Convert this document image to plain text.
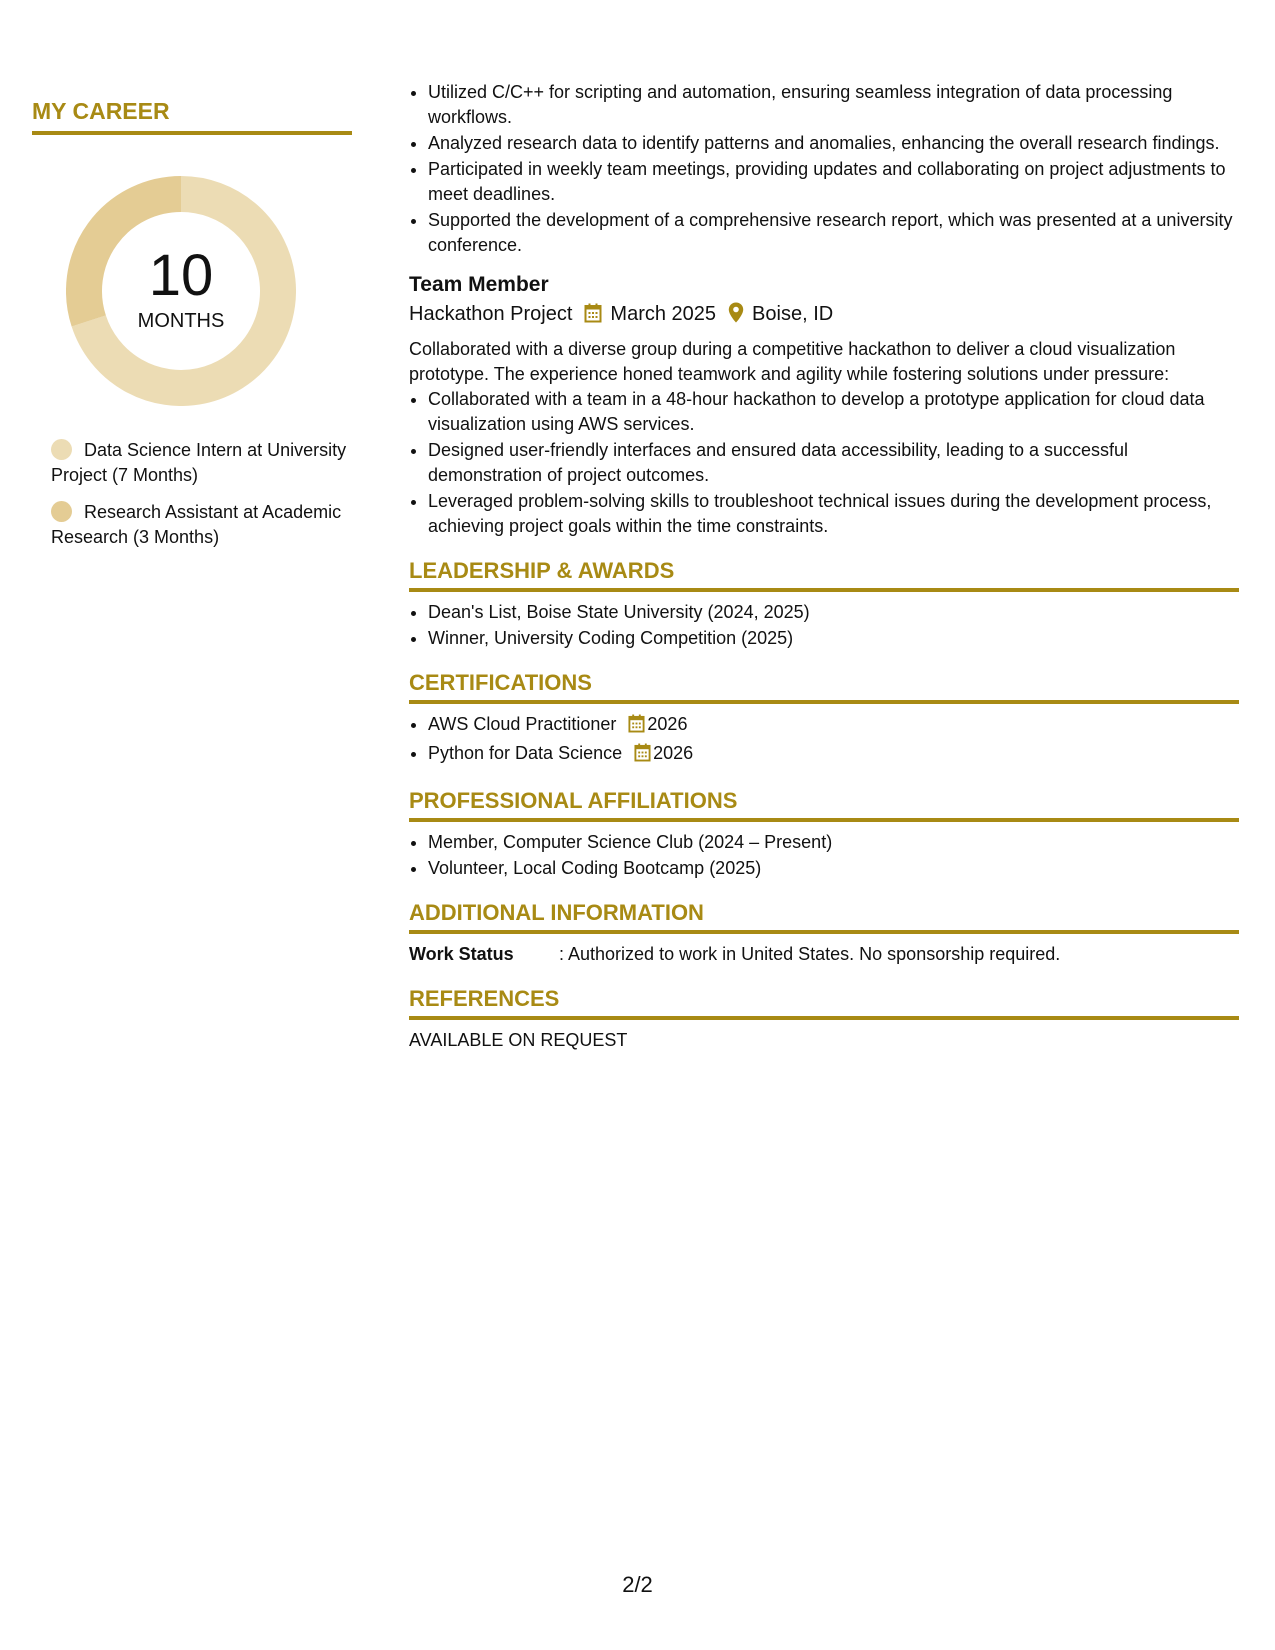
MY CAREER
10
MONTHS
Data Science Intern at University Project (7 Months)
Research Assistant at Academic Research (3 Months)
• Utilized C/C++ for scripting and automation, ensuring seamless integration of data processing workflows.
• Analyzed research data to identify patterns and anomalies, enhancing the overall research findings.
• Participated in weekly team meetings, providing updates and collaborating on project adjustments to meet deadlines.
• Supported the development of a comprehensive research report, which was presented at a university conference.
Team Member
Hackathon Project March 2025 Boise, ID

Collaborated with a diverse group during a competitive hackathon to deliver a cloud visualization prototype. The experience honed teamwork and agility while fostering solutions under pressure:

• Collaborated with a team in a 48-hour hackathon to develop a prototype application for cloud data visualization using AWS services.
• Designed user-friendly interfaces and ensured data accessibility, leading to a successful demonstration of project outcomes.
• Leveraged problem-solving skills to troubleshoot technical issues during the development process, achieving project goals within the time constraints.
LEADERSHIP & AWARDS
• Dean's List, Boise State University (2024, 2025)
• Winner, University Coding Competition (2025)
CERTIFICATIONS
• AWS Cloud Practitioner 2026
• Python for Data Science 2026
PROFESSIONAL AFFILIATIONS
• Member, Computer Science Club (2024 – Present)
• Volunteer, Local Coding Bootcamp (2025)
ADDITIONAL INFORMATION
Work Status	: Authorized to work in United States. No sponsorship required.
REFERENCES
AVAILABLE ON REQUEST
2/2
